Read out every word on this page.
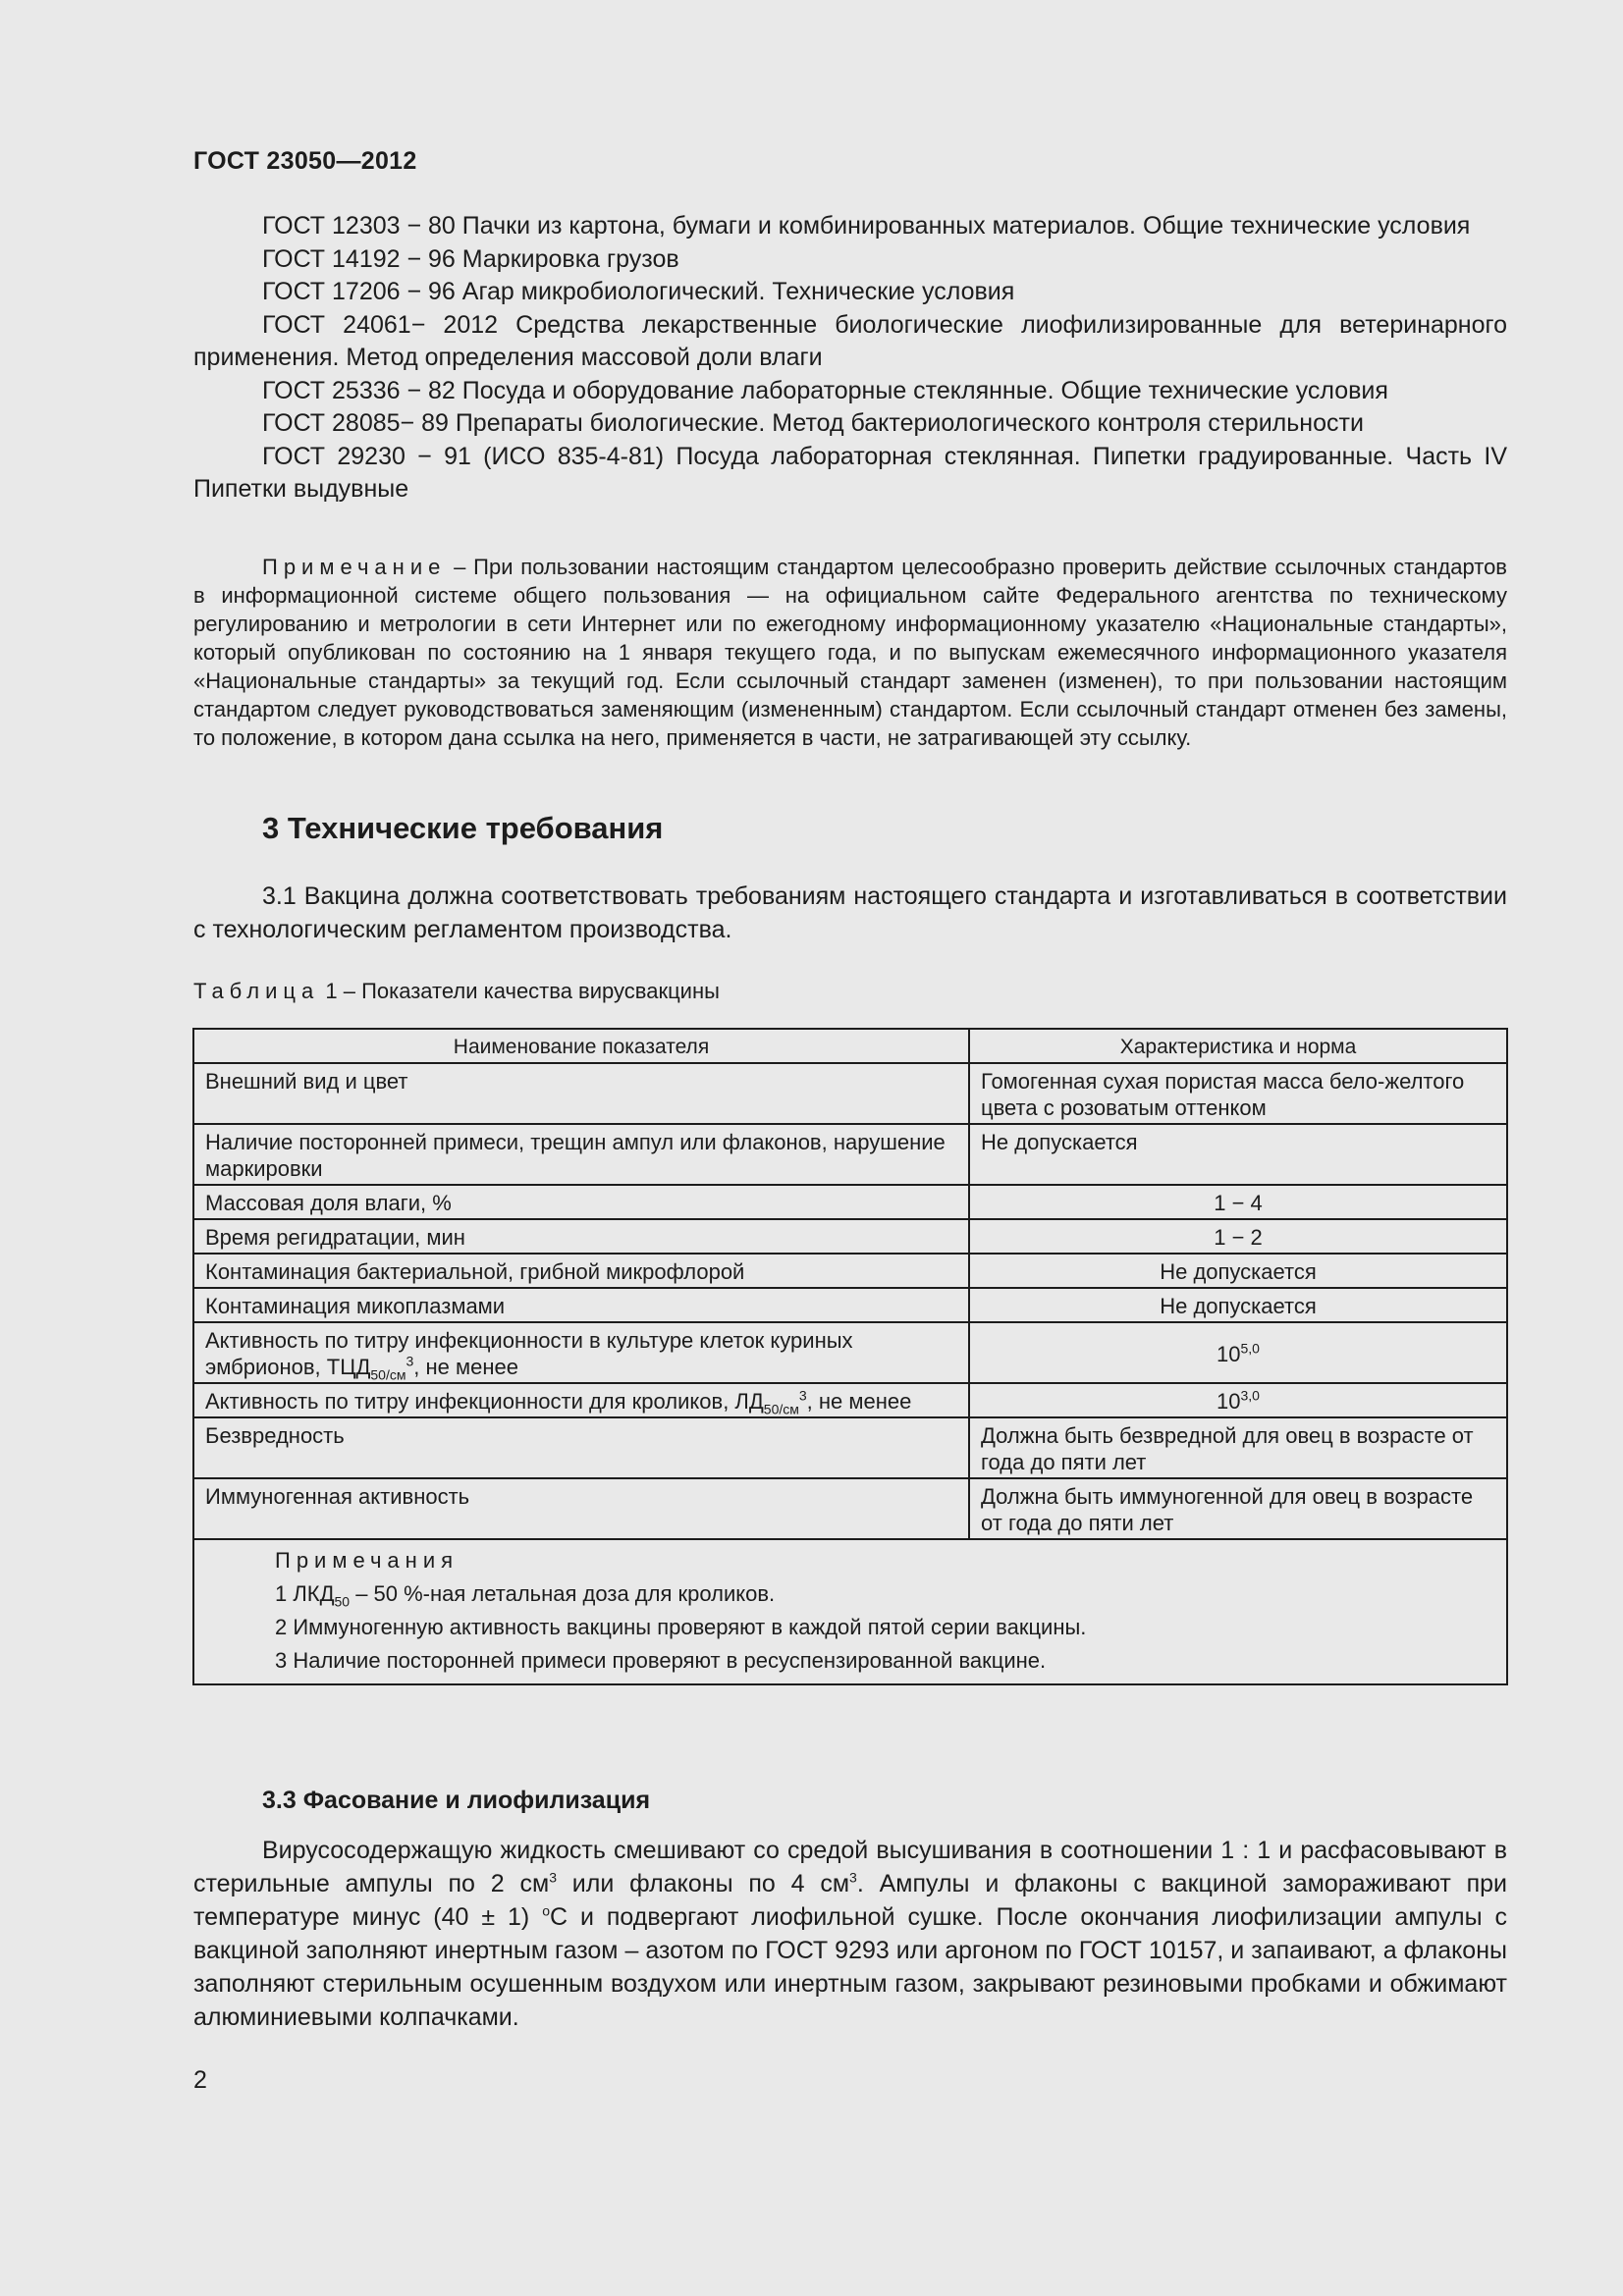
ГОСТ 23050—2012

ГОСТ 12303 − 80 Пачки из картона, бумаги и комбинированных материалов. Общие технические условия

ГОСТ 14192 − 96 Маркировка грузов

ГОСТ 17206 − 96 Агар микробиологический. Технические условия

ГОСТ 24061− 2012 Средства лекарственные биологические лиофилизированные для ветеринарного применения. Метод определения массовой доли влаги

ГОСТ 25336 − 82 Посуда и оборудование лабораторные стеклянные. Общие технические условия

ГОСТ 28085− 89 Препараты биологические. Метод бактериологического контроля стерильности

ГОСТ 29230 − 91 (ИСО 835-4-81) Посуда лабораторная стеклянная. Пипетки градуированные. Часть IV Пипетки выдувные

Примечание – При пользовании настоящим стандартом целесообразно проверить действие ссылочных стандартов в информационной системе общего пользования — на официальном сайте Федерального агентства по техническому регулированию и метрологии в сети Интернет или по ежегодному информационному указателю «Национальные стандарты», который опубликован по состоянию на 1 января текущего года, и по выпускам ежемесячного информационного указателя «Национальные стандарты» за текущий год. Если ссылочный стандарт заменен (изменен), то при пользовании настоящим стандартом следует руководствоваться заменяющим (измененным) стандартом. Если ссылочный стандарт отменен без замены, то положение, в котором дана ссылка на него, применяется в части, не затрагивающей эту ссылку.
3 Технические требования
3.1 Вакцина должна соответствовать требованиям настоящего стандарта и изготавливаться в соответствии с технологическим регламентом производства.
Таблица 1 – Показатели качества вирусвакцины
Наименование показателя	Характеристика и норма
Внешний вид и цвет	Гомогенная сухая пористая масса бело-желтого цвета с розоватым оттенком
Наличие посторонней примеси, трещин ампул или флаконов, нарушение маркировки	Не допускается
Массовая доля влаги, %	1 − 4
Время регидратации, мин	1 − 2
Контаминация бактериальной, грибной микрофлорой	Не допускается
Контаминация микоплазмами	Не допускается
Активность по титру инфекционности в культуре клеток куриных эмбрионов, $ТЦД_{50/см}^3$, не менее	10$^{5,0}$
Активность по титру инфекционности для кроликов, $ЛД_{50/см}^3$, не менее	10$^{3,0}$
Безвредность	Должна быть безвредной для овец в возрасте от года до пяти лет
Иммуногенная активность	Должна быть иммуногенной для овец в возрасте от года до пяти лет

Примечания
1 $ЛКД_{50} - 50$ %-ная летальная доза для кроликов.
2 Иммуногенную активность вакцины проверяют в каждой пятой серии вакцины.
3 Наличие посторонней примеси проверяют в ресуспензированной вакцине.	
3.3 Фасование и лиофилизация
Вирусосодержащую жидкость смешивают со средой высушивания в соотношении 1 : 1 и расфасовывают в стерильные ампулы по 2 $см^3$ или флаконы по 4 $см^3$. Ампулы и флаконы с вакциной замораживают при температуре минус (40 ± 1) $^о$С и подвергают лиофильной сушке. После окончания лиофилизации ампулы с вакциной заполняют инертным газом – азотом по ГОСТ 9293 или аргоном по ГОСТ 10157, и запаивают, а флаконы заполняют стерильным осушенным воздухом или инертным газом, закрывают резиновыми пробками и обжимают алюминиевыми колпачками.
2
